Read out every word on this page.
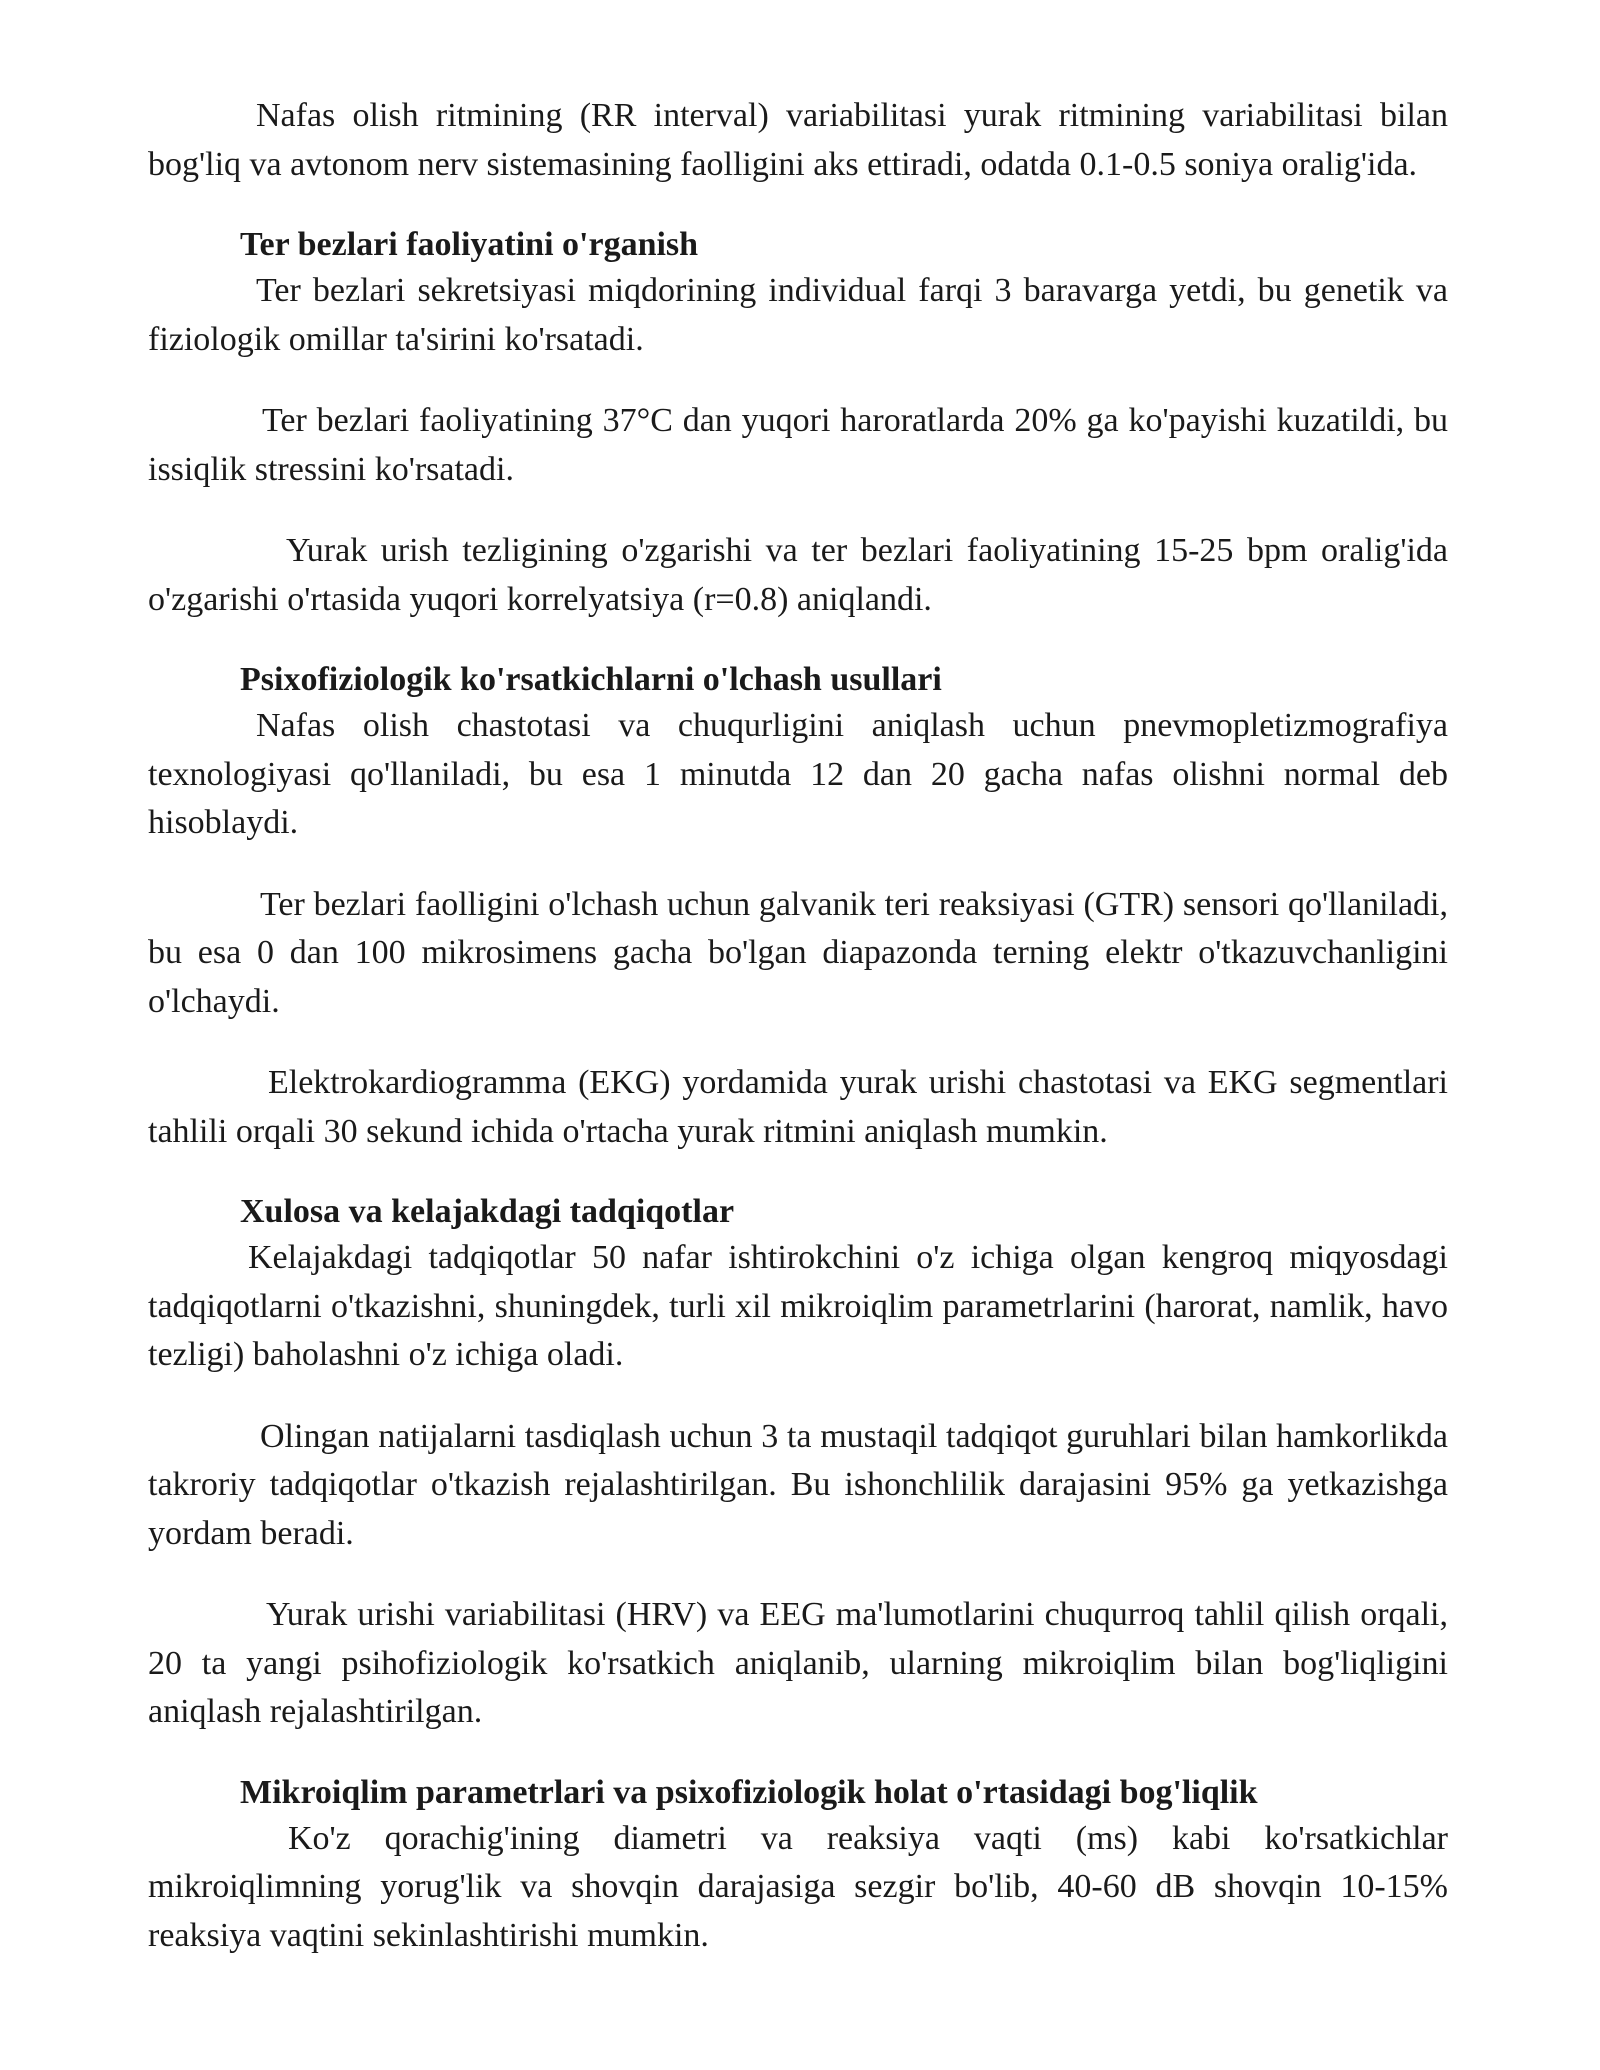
Nafas olish ritmining (RR interval) variabilitasi yurak ritmining variabilitasi bilan bog'liq va avtonom nerv sistemasining faolligini aks ettiradi, odatda 0.1-0.5 soniya oralig'ida.

Ter bezlari faoliyatini o'rganish

Ter bezlari sekretsiyasi miqdorining individual farqi 3 baravarga yetdi, bu genetik va fiziologik omillar ta'sirini ko'rsatadi.

Ter bezlari faoliyatining 37°C dan yuqori haroratlarda 20% ga ko'payishi kuzatildi, bu issiqlik stressini ko'rsatadi.

Yurak urish tezligining o'zgarishi va ter bezlari faoliyatining 15-25 bpm oralig'ida o'zgarishi o'rtasida yuqori korrelyatsiya (r=0.8) aniqlandi.

Psixofiziologik ko'rsatkichlarni o'lchash usullari

Nafas olish chastotasi va chuqurligini aniqlash uchun pnevmopletizmografiya texnologiyasi qo'llaniladi, bu esa 1 minutda 12 dan 20 gacha nafas olishni normal deb hisoblaydi.

Ter bezlari faolligini o'lchash uchun galvanik teri reaksiyasi (GTR) sensori qo'llaniladi, bu esa 0 dan 100 mikrosimens gacha bo'lgan diapazonda terning elektr o'tkazuvchanligini o'lchaydi.

Elektrokardiogramma (EKG) yordamida yurak urishi chastotasi va EKG segmentlari tahlili orqali 30 sekund ichida o'rtacha yurak ritmini aniqlash mumkin.

Xulosa va kelajakdagi tadqiqotlar

Kelajakdagi tadqiqotlar 50 nafar ishtirokchini o'z ichiga olgan kengroq miqyosdagi tadqiqotlarni o'tkazishni, shuningdek, turli xil mikroiqlim parametrlarini (harorat, namlik, havo tezligi) baholashni o'z ichiga oladi.

Olingan natijalarni tasdiqlash uchun 3 ta mustaqil tadqiqot guruhlari bilan hamkorlikda takroriy tadqiqotlar o'tkazish rejalashtirilgan. Bu ishonchlilik darajasini 95% ga yetkazishga yordam beradi.

Yurak urishi variabilitasi (HRV) va EEG ma'lumotlarini chuqurroq tahlil qilish orqali, 20 ta yangi psihofiziologik ko'rsatkich aniqlanib, ularning mikroiqlim bilan bog'liqligini aniqlash rejalashtirilgan.

Mikroiqlim parametrlari va psixofiziologik holat o'rtasidagi bog'liqlik

Ko'z qorachig'ining diametri va reaksiya vaqti (ms) kabi ko'rsatkichlar mikroiqlimning yorug'lik va shovqin darajasiga sezgir bo'lib, 40-60 dB shovqin 10-15% reaksiya vaqtini sekinlashtirishi mumkin.
